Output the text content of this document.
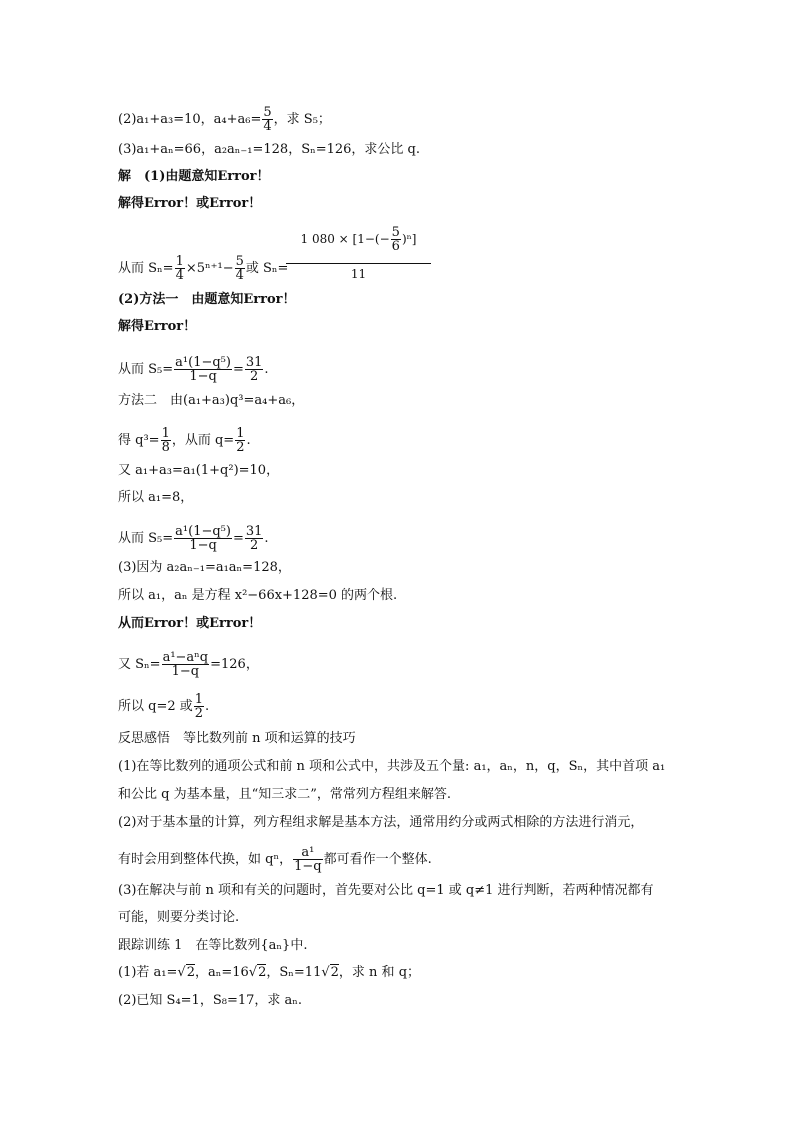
(2)a₁+a₃=10，$a_4+a_6= \frac{5}{4}$ ，求 S₅；
(3)a₁+aₙ=66，a₂aₙ₋₁=128，Sₙ=126，求公比 q.
解　(1)由题意知Error！
解得Error！或Error！
从而 $S_n= \frac{1}{4} \times 5^{n+1}- \frac{5}{4}$ 或 Sₙ=
1 $080 \times [1-(- \frac{5}{6} )^n]$
11
(2)方法一　由题意知Error！
解得Error！
从而 $S_5= \frac{\text{a¹(1−q⁵)}}{1-q} = \frac{31}{2}$ .
方法二　由(a₁+a₃)q³=a₄+a₆，
得 $q^3= \frac{1}{8}$ ，从而 $q= \frac{1}{2}$ .
又 a₁+a₃=a₁(1+q²)=10，
所以 a₁=8，
从而 $S_5= \frac{\text{a¹(1−q⁵)}}{1-q} = \frac{31}{2}$ .
(3)因为 a₂aₙ₋₁=a₁aₙ=128，
所以 a₁，aₙ 是方程 x²−66x+128=0 的两个根.
从而Error！或Error！
又 $S_n= \frac{\text{a¹−aⁿq}}{1-q} =126$，
所以 q=2 或 $\frac{1}{2}$ .
反思感悟　等比数列前 n 项和运算的技巧
(1)在等比数列的通项公式和前 n 项和公式中，共涉及五个量: a₁，aₙ，n，q，Sₙ，其中首项 a₁
和公比 q 为基本量，且“知三求二”，常常列方程组来解答.
(2)对于基本量的计算，列方程组求解是基本方法，通常用约分或两式相除的方法进行消元，
有时会用到整体代换，如 qⁿ， $\frac{\text{a¹}}{1-q}$ 都可看作一个整体.
(3)在解决与前 n 项和有关的问题时，首先要对公比 q=1 或 q≠1 进行判断，若两种情况都有
可能，则要分类讨论.
跟踪训练 1　在等比数列{aₙ}中.
(1)若 a₁=√2，aₙ=16√2，Sₙ=11√2，求 n 和 q；
(2)已知 S₄=1，S₈=17，求 aₙ.
